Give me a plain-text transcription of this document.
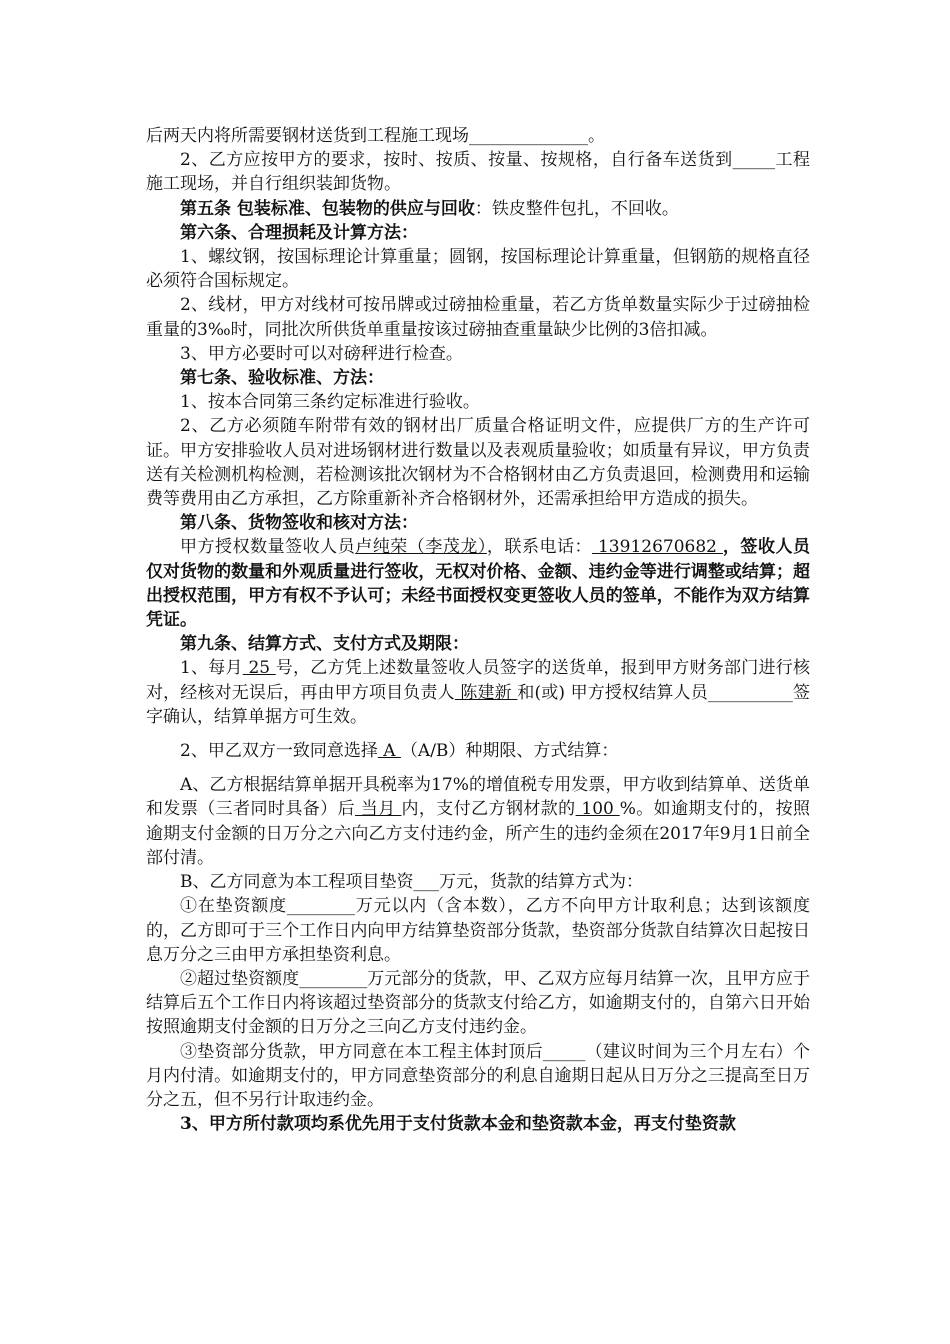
后两天内将所需要钢材送货到工程施工现场______________。

2、乙方应按甲方的要求，按时、按质、按量、按规格，自行备车送货到_____工程施工现场，并自行组织装卸货物。

第五条 包装标准、包装物的供应与回收：铁皮整件包扎，不回收。

第六条、合理损耗及计算方法：

1、螺纹钢，按国标理论计算重量；圆钢，按国标理论计算重量，但钢筋的规格直径必须符合国标规定。

2、线材，甲方对线材可按吊牌或过磅抽检重量，若乙方货单数量实际少于过磅抽检重量的3‰时，同批次所供货单重量按该过磅抽查重量缺少比例的3倍扣减。

3、甲方必要时可以对磅秤进行检查。

第七条、验收标准、方法：

1、按本合同第三条约定标准进行验收。

2、乙方必须随车附带有效的钢材出厂质量合格证明文件，应提供厂方的生产许可证。甲方安排验收人员对进场钢材进行数量以及表观质量验收；如质量有异议，甲方负责送有关检测机构检测，若检测该批次钢材为不合格钢材由乙方负责退回，检测费用和运输费等费用由乙方承担，乙方除重新补齐合格钢材外，还需承担给甲方造成的损失。

第八条、货物签收和核对方法：

甲方授权数量签收人员卢纯荣（李茂龙），联系电话： 13912670682 ，签收人员仅对货物的数量和外观质量进行签收，无权对价格、金额、违约金等进行调整或结算；超出授权范围，甲方有权不予认可；未经书面授权变更签收人员的签单，不能作为双方结算凭证。

第九条、结算方式、支付方式及期限：

1、每月 25 号，乙方凭上述数量签收人员签字的送货单，报到甲方财务部门进行核对，经核对无误后，再由甲方项目负责人 陈建新 和(或) 甲方授权结算人员__________签字确认，结算单据方可生效。

2、甲乙双方一致同意选择 A （A/B）种期限、方式结算：

A、乙方根据结算单据开具税率为17%的增值税专用发票，甲方收到结算单、送货单和发票（三者同时具备）后 当月 内，支付乙方钢材款的 100 %。如逾期支付的，按照逾期支付金额的日万分之六向乙方支付违约金，所产生的违约金须在2017年9月1日前全部付清。

B、乙方同意为本工程项目垫资___万元，货款的结算方式为：

①在垫资额度________万元以内（含本数），乙方不向甲方计取利息；达到该额度的，乙方即可于三个工作日内向甲方结算垫资部分货款，垫资部分货款自结算次日起按日息万分之三由甲方承担垫资利息。

②超过垫资额度________万元部分的货款，甲、乙双方应每月结算一次，且甲方应于结算后五个工作日内将该超过垫资部分的货款支付给乙方，如逾期支付的，自第六日开始按照逾期支付金额的日万分之三向乙方支付违约金。

③垫资部分货款，甲方同意在本工程主体封顶后_____（建议时间为三个月左右）个月内付清。如逾期支付的，甲方同意垫资部分的利息自逾期日起从日万分之三提高至日万分之五，但不另行计取违约金。

3、甲方所付款项均系优先用于支付货款本金和垫资款本金，再支付垫资款
